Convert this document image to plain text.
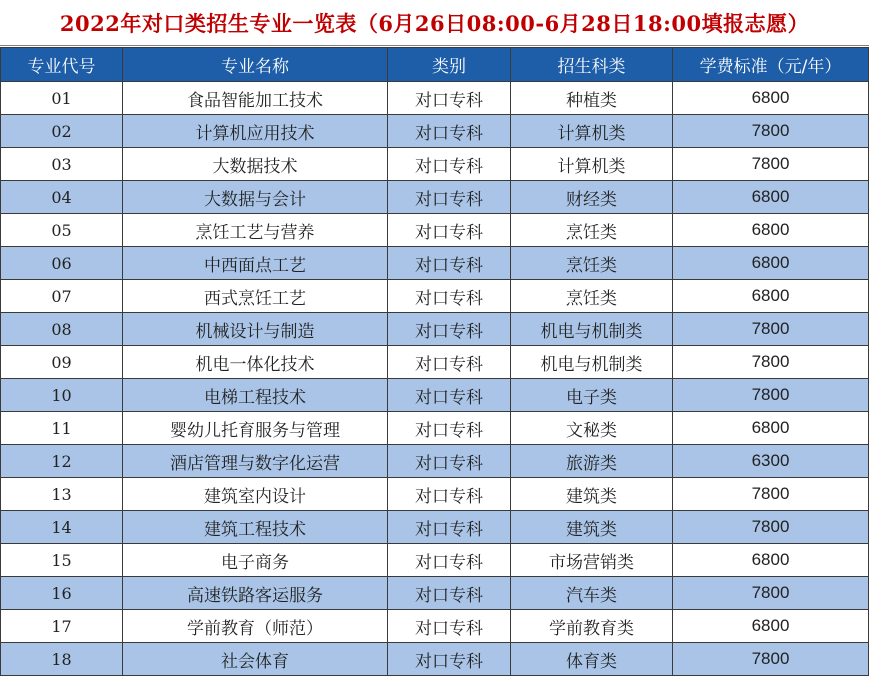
2022年对口类招生专业一览表（6月26日08:00-6月28日18:00填报志愿）
专业代号	专业名称	类别	招生科类	学费标准（元/年）
01	食品智能加工技术	对口专科	种植类	6800
02	计算机应用技术	对口专科	计算机类	7800
03	大数据技术	对口专科	计算机类	7800
04	大数据与会计	对口专科	财经类	6800
05	烹饪工艺与营养	对口专科	烹饪类	6800
06	中西面点工艺	对口专科	烹饪类	6800
07	西式烹饪工艺	对口专科	烹饪类	6800
08	机械设计与制造	对口专科	机电与机制类	7800
09	机电一体化技术	对口专科	机电与机制类	7800
10	电梯工程技术	对口专科	电子类	7800
11	婴幼儿托育服务与管理	对口专科	文秘类	6800
12	酒店管理与数字化运营	对口专科	旅游类	6300
13	建筑室内设计	对口专科	建筑类	7800
14	建筑工程技术	对口专科	建筑类	7800
15	电子商务	对口专科	市场营销类	6800
16	高速铁路客运服务	对口专科	汽车类	7800
17	学前教育（师范）	对口专科	学前教育类	6800
18	社会体育	对口专科	体育类	7800
